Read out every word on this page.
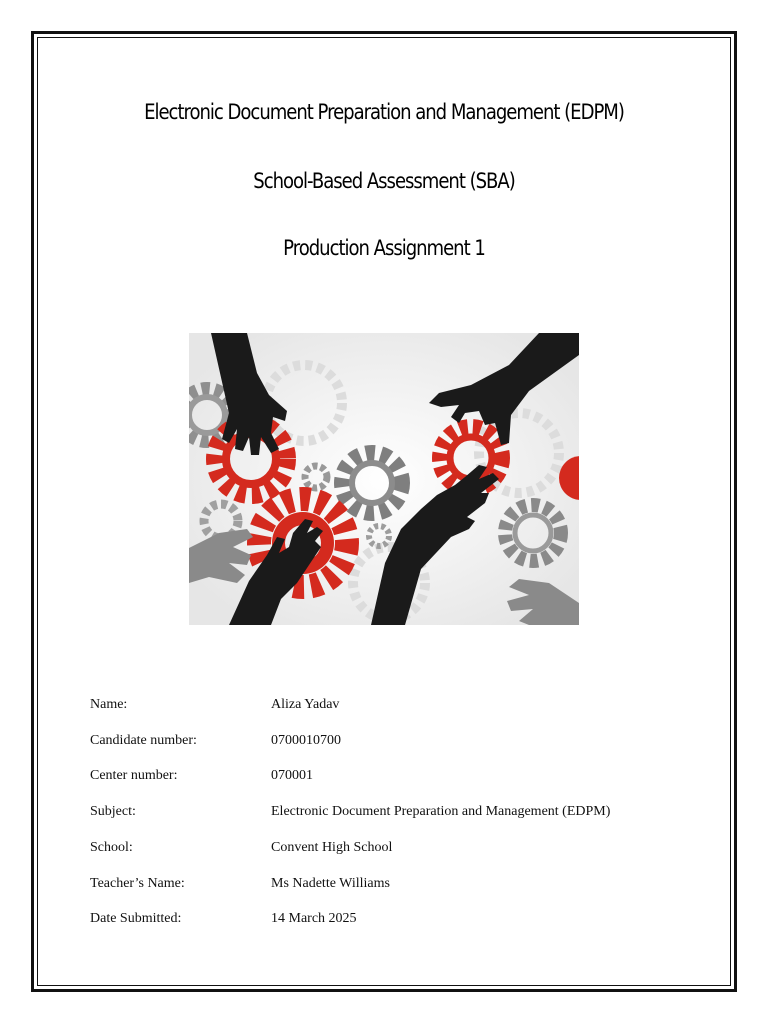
Electronic Document Preparation and Management (EDPM)
School-Based Assessment (SBA)
Production Assignment 1
Name:	Aliza Yadav
Candidate number:	0700010700
Center number:	070001
Subject:	Electronic Document Preparation and Management (EDPM)
School:	Convent High School
Teacher’s Name:	Ms Nadette Williams
Date Submitted:	14 March 2025
